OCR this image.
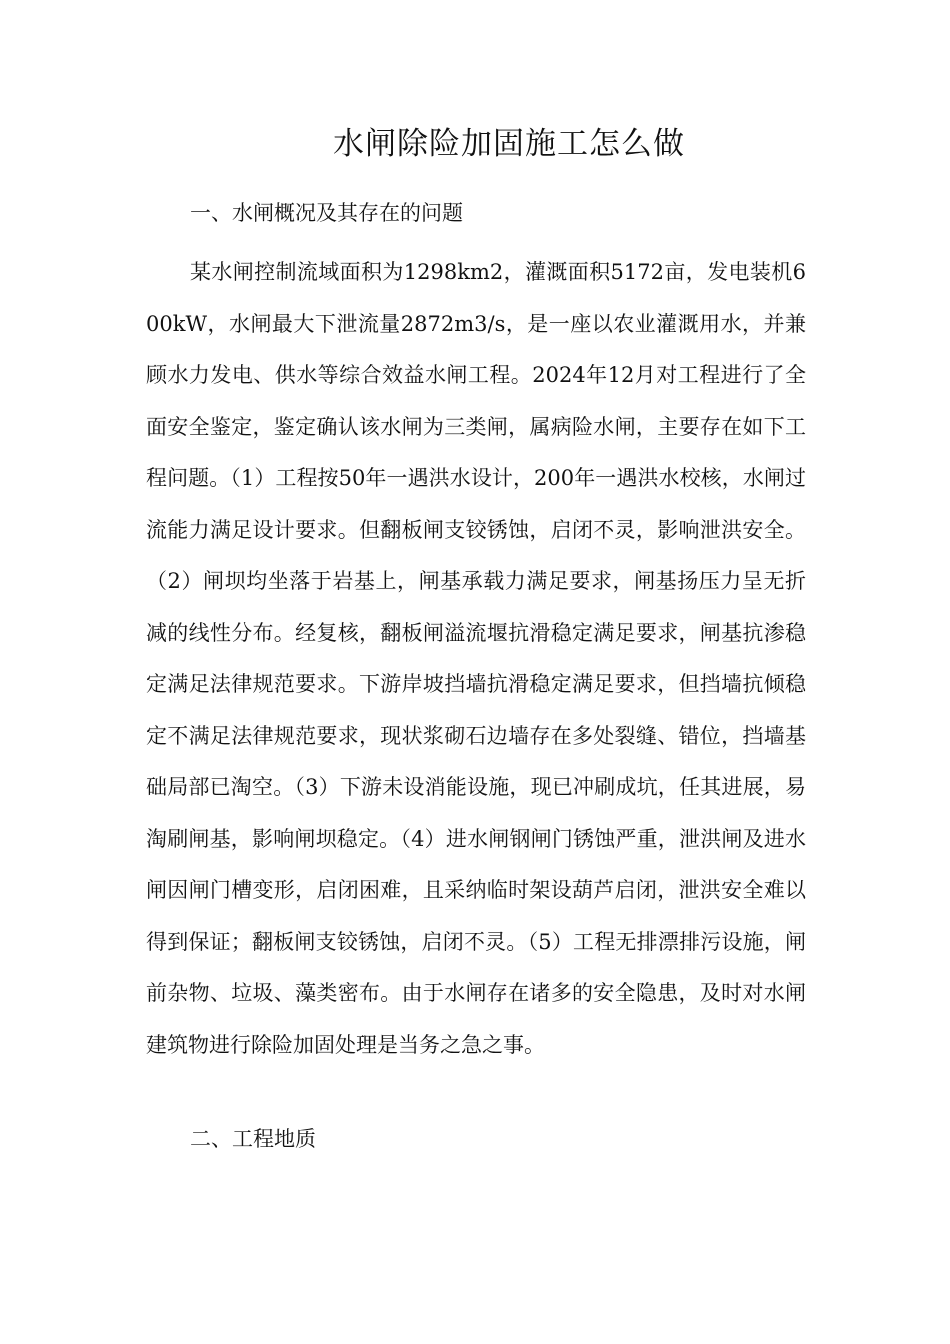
水闸除险加固施工怎么做

一、水闸概况及其存在的问题

某水闸控制流域面积为1298km2，灌溉面积5172亩，发电装机600kW，水闸最大下泄流量2872m3/s，是一座以农业灌溉用水，并兼顾水力发电、供水等综合效益水闸工程。2024年12月对工程进行了全面安全鉴定，鉴定确认该水闸为三类闸，属病险水闸，主要存在如下工程问题。（1）工程按50年一遇洪水设计，200年一遇洪水校核，水闸过流能力满足设计要求。但翻板闸支铰锈蚀，启闭不灵，影响泄洪安全。（2）闸坝均坐落于岩基上，闸基承载力满足要求，闸基扬压力呈无折减的线性分布。经复核，翻板闸溢流堰抗滑稳定满足要求，闸基抗渗稳定满足法律规范要求。下游岸坡挡墙抗滑稳定满足要求，但挡墙抗倾稳定不满足法律规范要求，现状浆砌石边墙存在多处裂缝、错位，挡墙基础局部已淘空。（3）下游未设消能设施，现已冲刷成坑，任其进展，易淘刷闸基，影响闸坝稳定。（4）进水闸钢闸门锈蚀严重，泄洪闸及进水闸因闸门槽变形，启闭困难，且采纳临时架设葫芦启闭，泄洪安全难以得到保证；翻板闸支铰锈蚀，启闭不灵。（5）工程无排漂排污设施，闸前杂物、垃圾、藻类密布。由于水闸存在诸多的安全隐患，及时对水闸建筑物进行除险加固处理是当务之急之事。

二、工程地质
